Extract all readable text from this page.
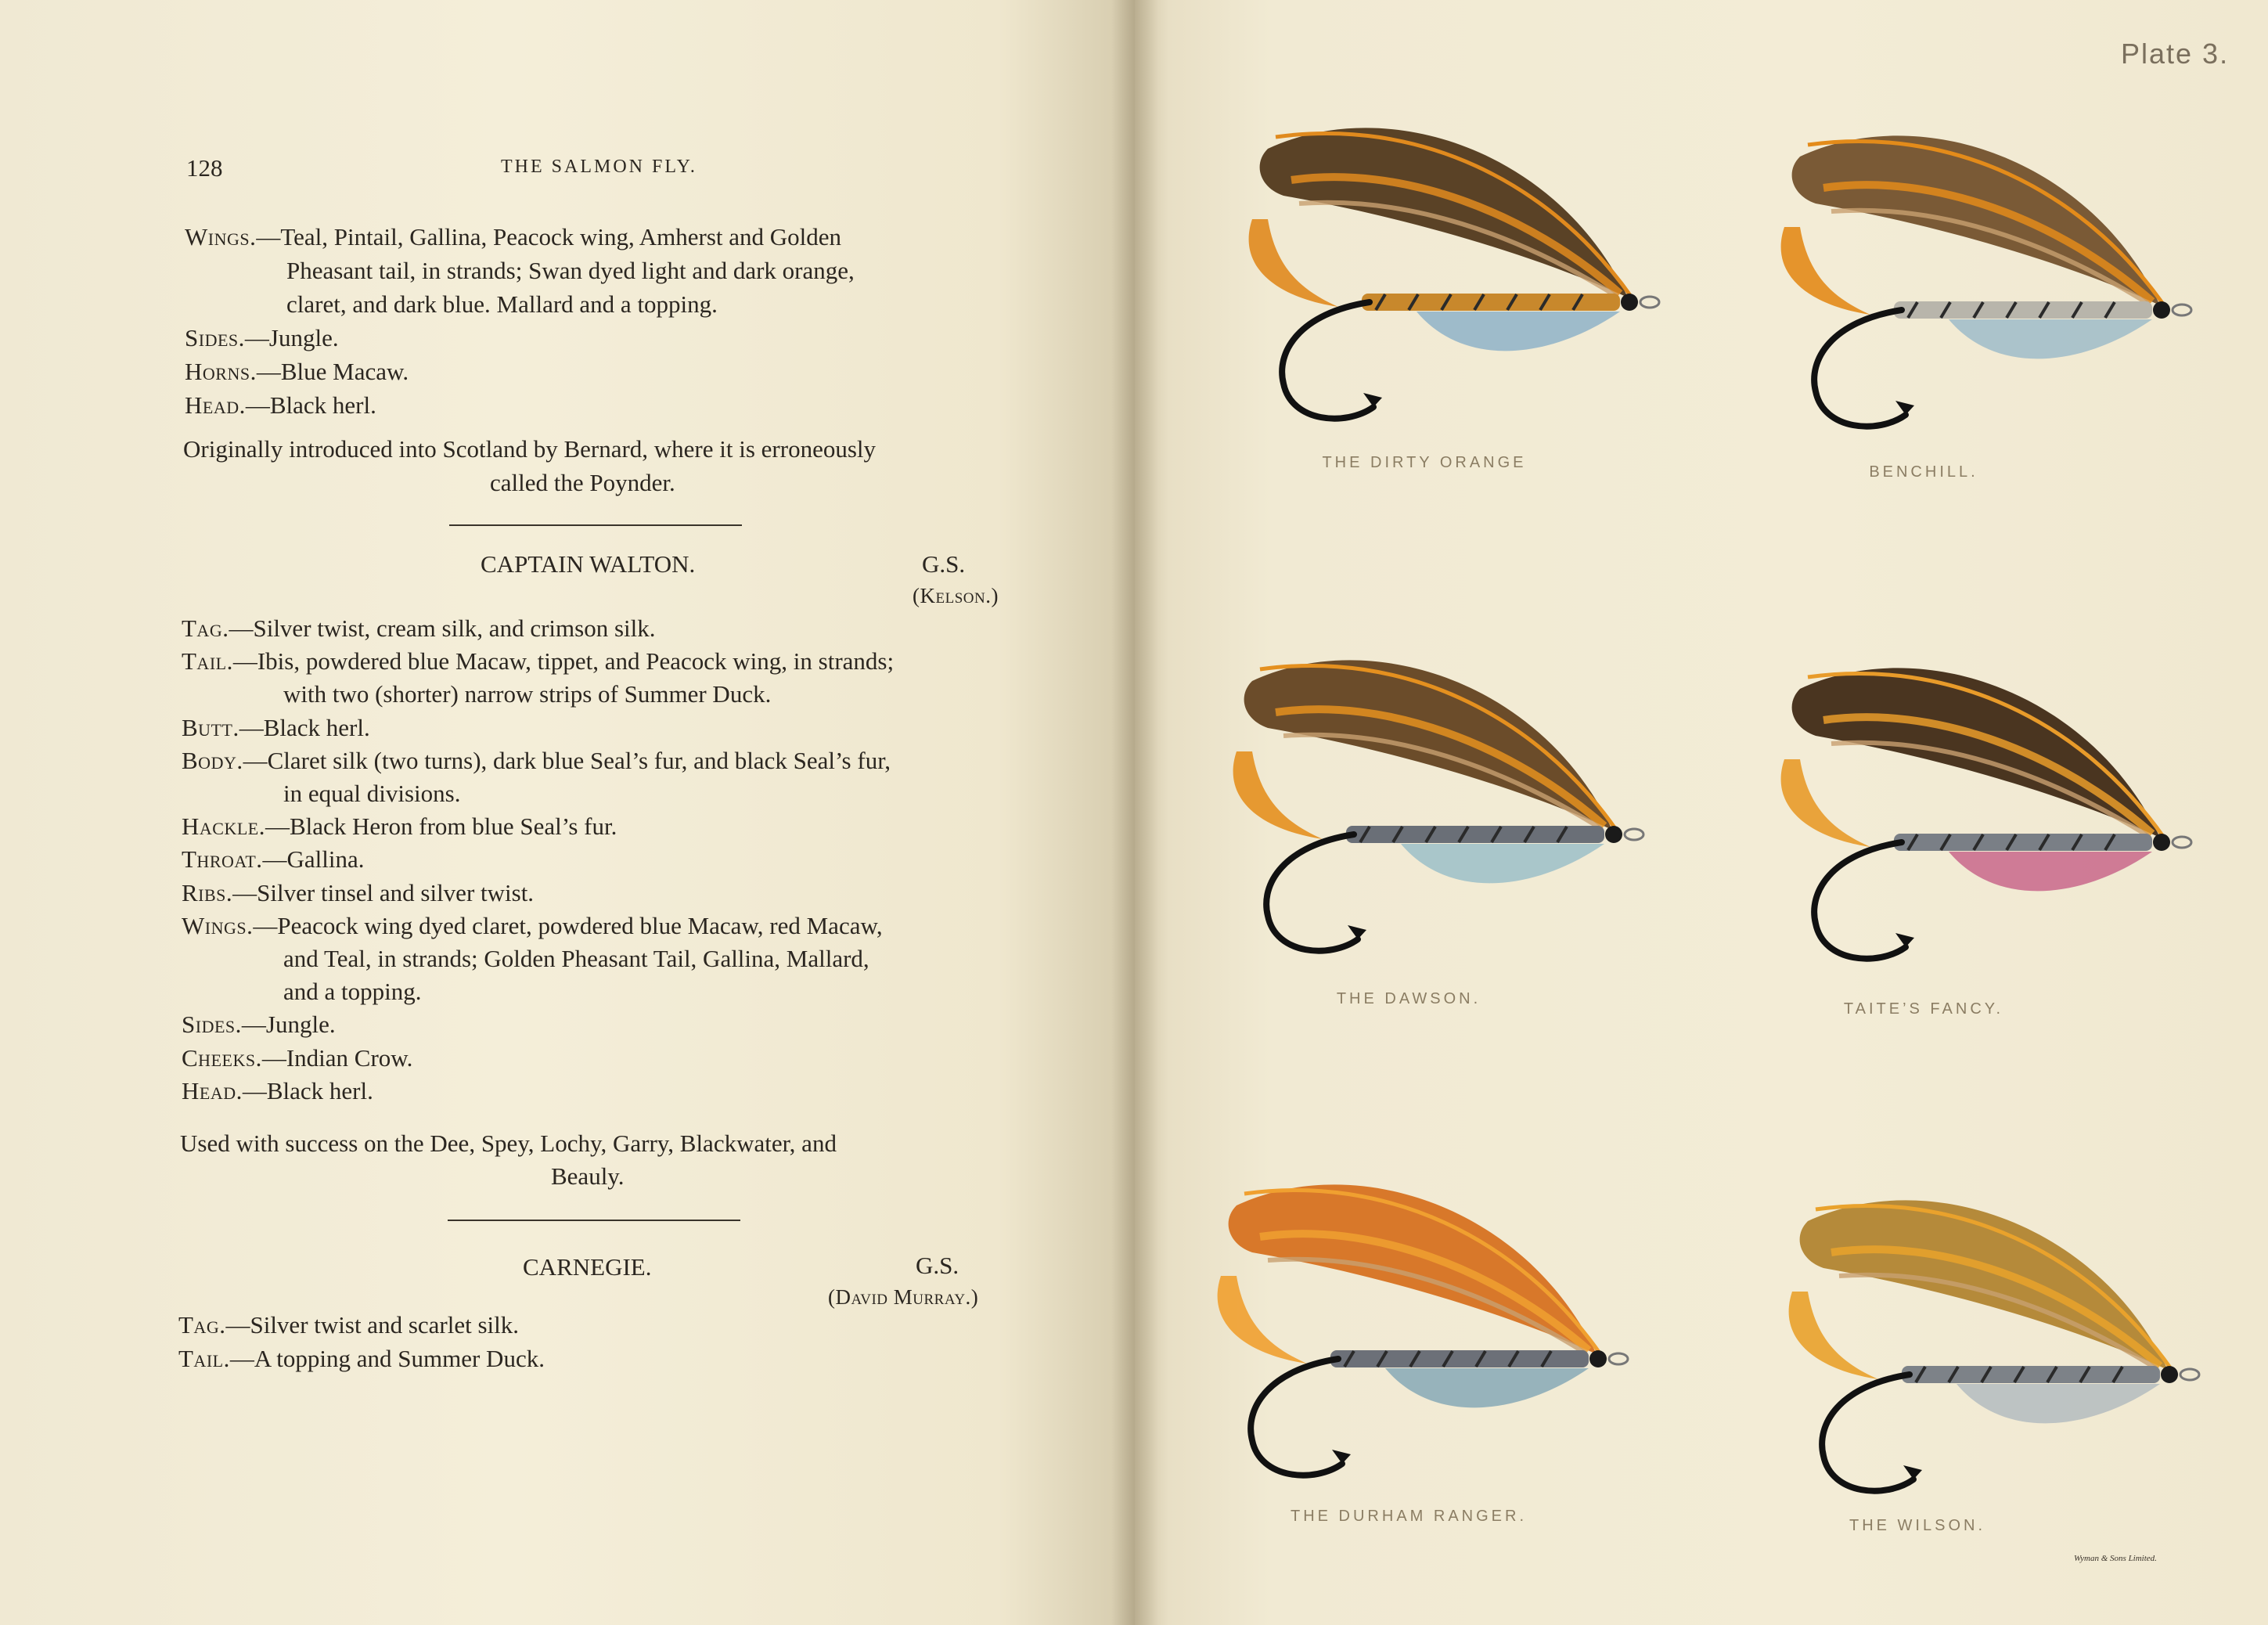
128	THE SALMON FLY.
Wings.—Teal, Pintail, Gallina, Peacock wing, Amherst and Golden
Pheasant tail, in strands; Swan dyed light and dark orange,
claret, and dark blue. Mallard and a topping.
Sides.—Jungle.
Horns.—Blue Macaw.
Head.—Black herl.
Originally introduced into Scotland by Bernard, where it is erroneously
called the Poynder.
CAPTAIN WALTON.	G.S.
(Kelson.)
Tag.—Silver twist, cream silk, and crimson silk.
Tail.—Ibis, powdered blue Macaw, tippet, and Peacock wing, in strands;
with two (shorter) narrow strips of Summer Duck.
Butt.—Black herl.
Body.—Claret silk (two turns), dark blue Seal’s fur, and black Seal’s fur,
in equal divisions.
Hackle.—Black Heron from blue Seal’s fur.
Throat.—Gallina.
Ribs.—Silver tinsel and silver twist.
Wings.—Peacock wing dyed claret, powdered blue Macaw, red Macaw,
and Teal, in strands; Golden Pheasant Tail, Gallina, Mallard,
and a topping.
Sides.—Jungle.
Cheeks.—Indian Crow.
Head.—Black herl.
Used with success on the Dee, Spey, Lochy, Garry, Blackwater, and
Beauly.
CARNEGIE.	G.S.
(David Murray.)
Tag.—Silver twist and scarlet silk.
Tail.—A topping and Summer Duck.
Plate 3.
THE DIRTY ORANGE
BENCHILL.
THE DAWSON.
TAITE’S FANCY.
THE DURHAM RANGER.
THE WILSON.
Wyman & Sons Limited.
